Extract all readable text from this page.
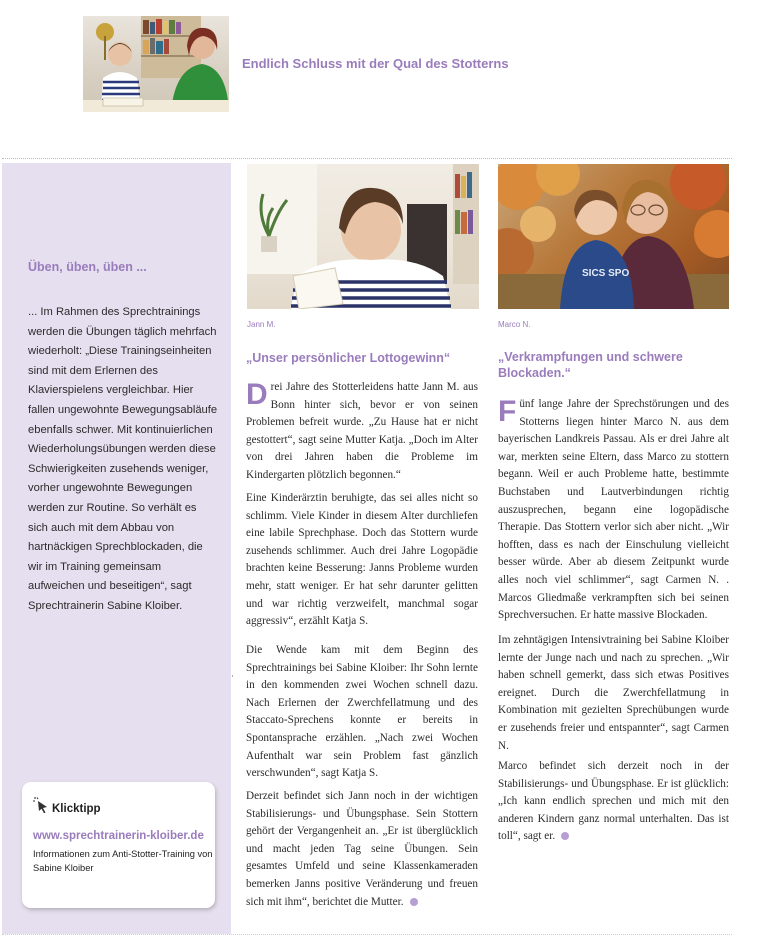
Endlich Schluss mit der Qual des Stotterns
Üben, üben, üben ...
... Im Rahmen des Sprechtrainings werden die Übungen täglich mehrfach wiederholt: „Diese Trainingseinheiten sind mit dem Erlernen des Klavierspielens vergleichbar. Hier fallen ungewohnte Bewegungsabläufe ebenfalls schwer. Mit kontinuierlichen Wiederholungsübungen werden diese Schwierigkeiten zusehends weniger, vorher ungewohnte Bewegungen werden zur Routine. So verhält es sich auch mit dem Abbau von hartnäckigen Sprechblockaden, die wir im Training gemeinsam aufweichen und beseitigen“, sagt Sprechtrainerin Sabine Kloiber.
Klicktipp
www.sprechtrainerin-kloiber.de
Informationen zum Anti-Stotter-Training von Sabine Kloiber
SICS SPO
Jann M.	Marco N.
„Unser persönlicher Lottogewinn“

Drei Jahre des Stotterleidens hatte Jann M. aus Bonn hinter sich, bevor er von seinen Problemen befreit wurde. „Zu Hause hat er nicht gestottert“, sagt seine Mutter Katja. „Doch im Alter von drei Jahren haben die Probleme im Kindergarten plötzlich begonnen.“

Eine Kinderärztin beruhigte, das sei alles nicht so schlimm. Viele Kinder in diesem Alter durchliefen eine labile Sprechphase. Doch das Stottern wurde zusehends schlimmer. Auch drei Jahre Logopädie brachten keine Besserung: Janns Probleme wurden mehr, statt weniger. Er hat sehr darunter gelitten und war richtig verzweifelt, manchmal sogar aggressiv“, erzählt Katja S.
·
Die Wende kam mit dem Beginn des Sprechtrainings bei Sabine Kloiber: Ihr Sohn lernte in den kommenden zwei Wochen schnell dazu. Nach Erlernen der Zwerchfellatmung und des Staccato-Sprechens konnte er bereits in Spontansprache erzählen. „Nach zwei Wochen Aufenthalt war sein Problem fast gänzlich verschwunden“, sagt Katja S.
Derzeit befindet sich Jann noch in der wichtigen Stabilisierungs- und Übungsphase. Sein Stottern gehört der Vergangenheit an. „Er ist überglücklich und macht jeden Tag seine Übungen. Sein gesamtes Umfeld und seine Klassenkameraden bemerken Janns positive Veränderung und freuen sich mit ihm“, berichtet die Mutter.
„Verkrampfungen und schwere Blockaden.“

Fünf lange Jahre der Sprechstörungen und des Stotterns liegen hinter Marco N. aus dem bayerischen Landkreis Passau. Als er drei Jahre alt war, merkten seine Eltern, dass Marco zu stottern begann. Weil er auch Probleme hatte, bestimmte Buchstaben und Lautverbindungen richtig auszusprechen, begann eine logopädische Therapie. Das Stottern verlor sich aber nicht. „Wir hofften, dass es nach der Einschulung vielleicht besser würde. Aber ab diesem Zeitpunkt wurde alles noch viel schlimmer“, sagt Carmen N. . Marcos Gliedmaße verkrampften sich bei seinen Sprechversuchen. Er hatte massive Blockaden.

Im zehntägigen Intensivtraining bei Sabine Kloiber lernte der Junge nach und nach zu sprechen. „Wir haben schnell gemerkt, dass sich etwas Positives ereignet. Durch die Zwerchfellatmung in Kombination mit gezielten Sprechübungen wurde er zusehends freier und entspannter“, sagt Carmen N.
Marco befindet sich derzeit noch in der Stabilisierungs- und Übungsphase. Er ist glücklich: „Ich kann endlich sprechen und mich mit den anderen Kindern ganz normal unterhalten. Das ist toll“, sagt er.
